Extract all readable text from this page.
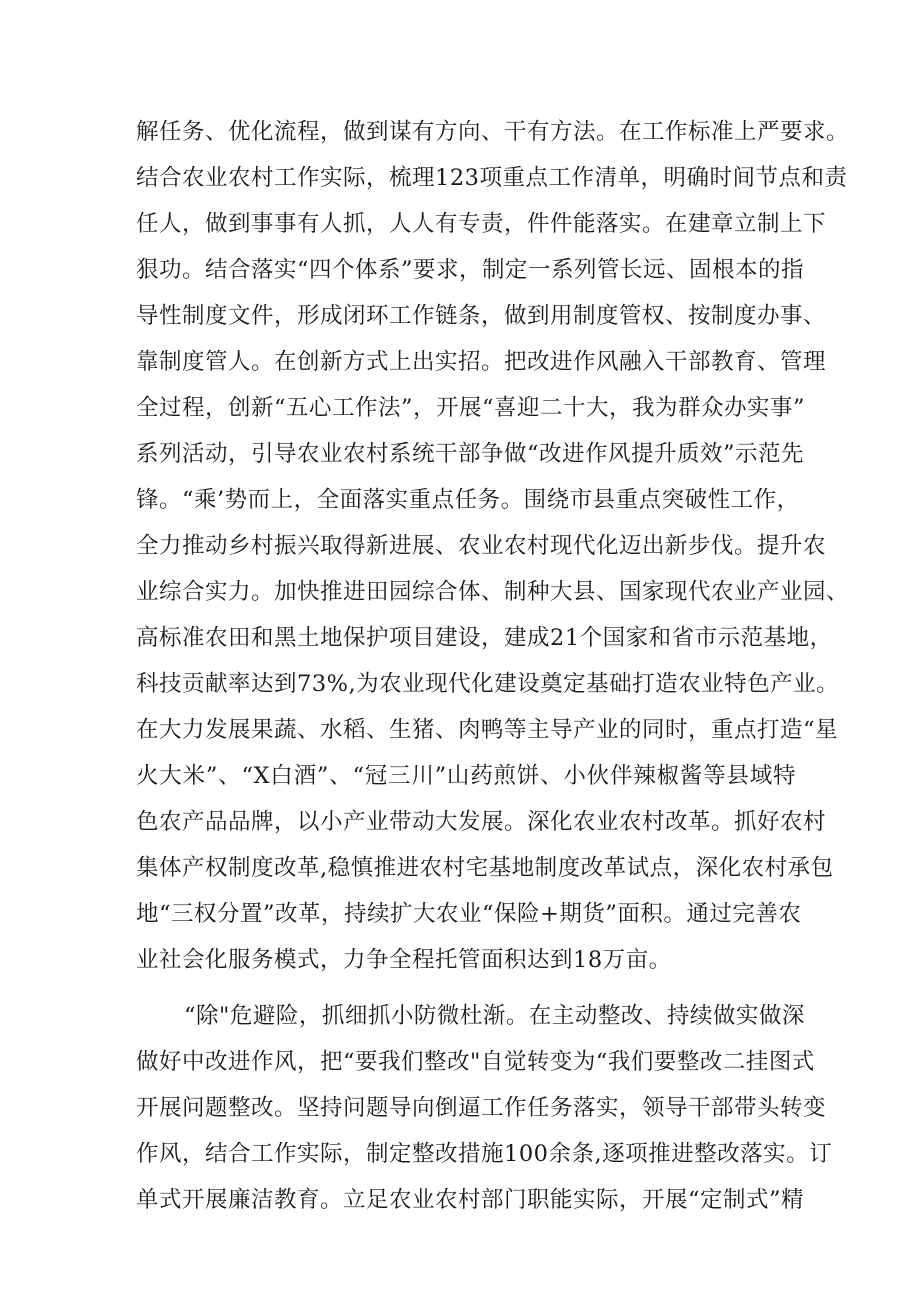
解任务、优化流程，做到谋有方向、干有方法。在工作标准上严要求。
结合农业农村工作实际，梳理123项重点工作清单，明确时间节点和责
任人，做到事事有人抓，人人有专责，件件能落实。在建章立制上下
狠功。结合落实“四个体系”要求，制定一系列管长远、固根本的指
导性制度文件，形成闭环工作链条，做到用制度管权、按制度办事、
靠制度管人。在创新方式上出实招。把改进作风融入干部教育、管理
全过程，创新“五心工作法”，开展“喜迎二十大，我为群众办实事”
系列活动，引导农业农村系统干部争做“改进作风提升质效”示范先
锋。“乘’势而上，全面落实重点任务。围绕市县重点突破性工作，
全力推动乡村振兴取得新进展、农业农村现代化迈出新步伐。提升农
业综合实力。加快推进田园综合体、制种大县、国家现代农业产业园、
高标准农田和黑土地保护项目建设，建成21个国家和省市示范基地，
科技贡献率达到73%,为农业现代化建设奠定基础打造农业特色产业。
在大力发展果蔬、水稻、生猪、肉鸭等主导产业的同时，重点打造“星
火大米”、“X白酒”、“冠三川”山药煎饼、小伙伴辣椒酱等县域特
色农产品品牌，以小产业带动大发展。深化农业农村改革。抓好农村
集体产权制度改革,稳慎推进农村宅基地制度改革试点，深化农村承包
地“三权分置”改革，持续扩大农业“保险+期货”面积。通过完善农
业社会化服务模式，力争全程托管面积达到18万亩。
“除"危避险，抓细抓小防微杜渐。在主动整改、持续做实做深
做好中改进作风，把“要我们整改"自觉转变为“我们要整改二挂图式
开展问题整改。坚持问题导向倒逼工作任务落实，领导干部带头转变
作风，结合工作实际，制定整改措施100余条,逐项推进整改落实。订
单式开展廉洁教育。立足农业农村部门职能实际，开展“定制式”精
